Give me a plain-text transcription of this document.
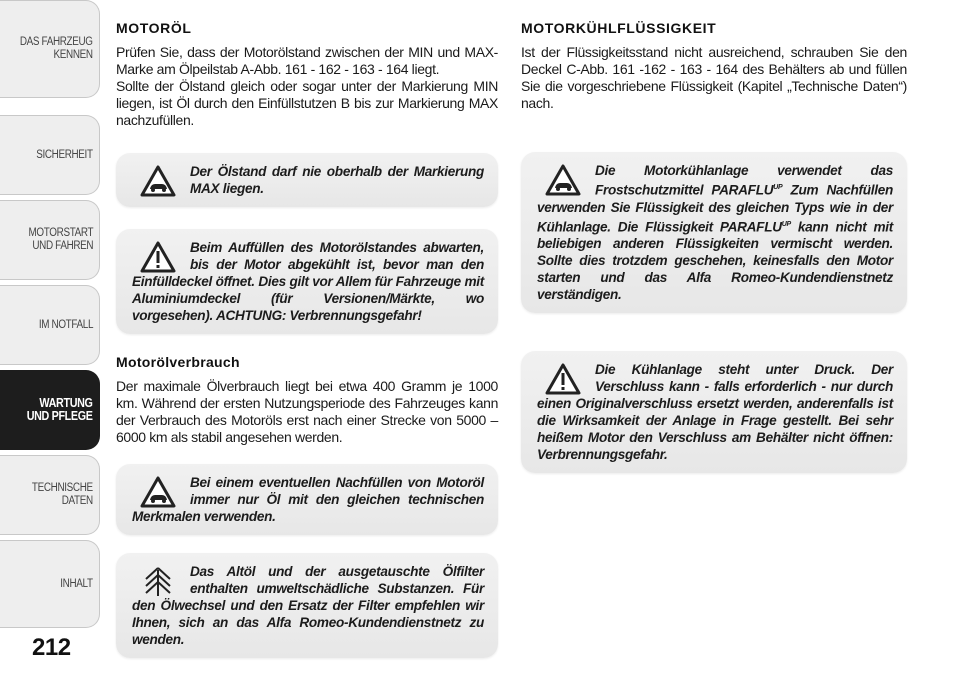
DAS FAHRZEUG
KENNEN
SICHERHEIT
MOTORSTART
UND FAHREN
IM NOTFALL
WARTUNG
UND PFLEGE
TECHNISCHE
DATEN
INHALT
212
MOTORÖL

Prüfen Sie, dass der Motorölstand zwischen der MIN und MAX-Marke am Ölpeilstab A-Abb. 161 - 162 - 163 - 164 liegt.
Sollte der Ölstand gleich oder sogar unter der Markierung MIN liegen, ist Öl durch den Einfüllstutzen B bis zur Markierung MAX nachzufüllen.

Der Ölstand darf nie oberhalb der Markierung MAX liegen.

Beim Auffüllen des Motorölstandes abwarten, bis der Motor abgekühlt ist, bevor man den Einfülldeckel öffnet. Dies gilt vor Allem für Fahrzeuge mit Aluminiumdeckel (für Versionen/Märkte, wo vorgesehen). ACHTUNG: Verbrennungsgefahr!

Motorölverbrauch

Der maximale Ölverbrauch liegt bei etwa 400 Gramm je 1000 km. Während der ersten Nutzungsperiode des Fahrzeuges kann der Verbrauch des Motoröls erst nach einer Strecke von 5000 – 6000 km als stabil angesehen werden.

Bei einem eventuellen Nachfüllen von Motoröl immer nur Öl mit den gleichen technischen Merkmalen verwenden.

Das Altöl und der ausgetauschte Ölfilter enthalten umweltschädliche Substanzen. Für den Ölwechsel und den Ersatz der Filter empfehlen wir Ihnen, sich an das Alfa Romeo-Kundendienstnetz zu wenden.

MOTORKÜHLFLÜSSIGKEIT

Ist der Flüssigkeitsstand nicht ausreichend, schrauben Sie den Deckel C-Abb. 161 -162 - 163 - 164 des Behälters ab und füllen Sie die vorgeschriebene Flüssigkeit (Kapitel „Technische Daten“) nach.

Die Motorkühlanlage verwendet das Frostschutzmittel $PARAFLU^{UP}$ Zum Nachfüllen verwenden Sie Flüssigkeit des gleichen Typs wie in der Kühlanlage. Die Flüssigkeit $PARAFLU^{UP}$ kann nicht mit beliebigen anderen Flüssigkeiten vermischt werden. Sollte dies trotzdem geschehen, keinesfalls den Motor starten und das Alfa Romeo-Kundendienstnetz verständigen.

Die Kühlanlage steht unter Druck. Der Verschluss kann - falls erforderlich - nur durch einen Originalverschluss ersetzt werden, anderenfalls ist die Wirksamkeit der Anlage in Frage gestellt. Bei sehr heißem Motor den Verschluss am Behälter nicht öffnen: Verbrennungsgefahr.
